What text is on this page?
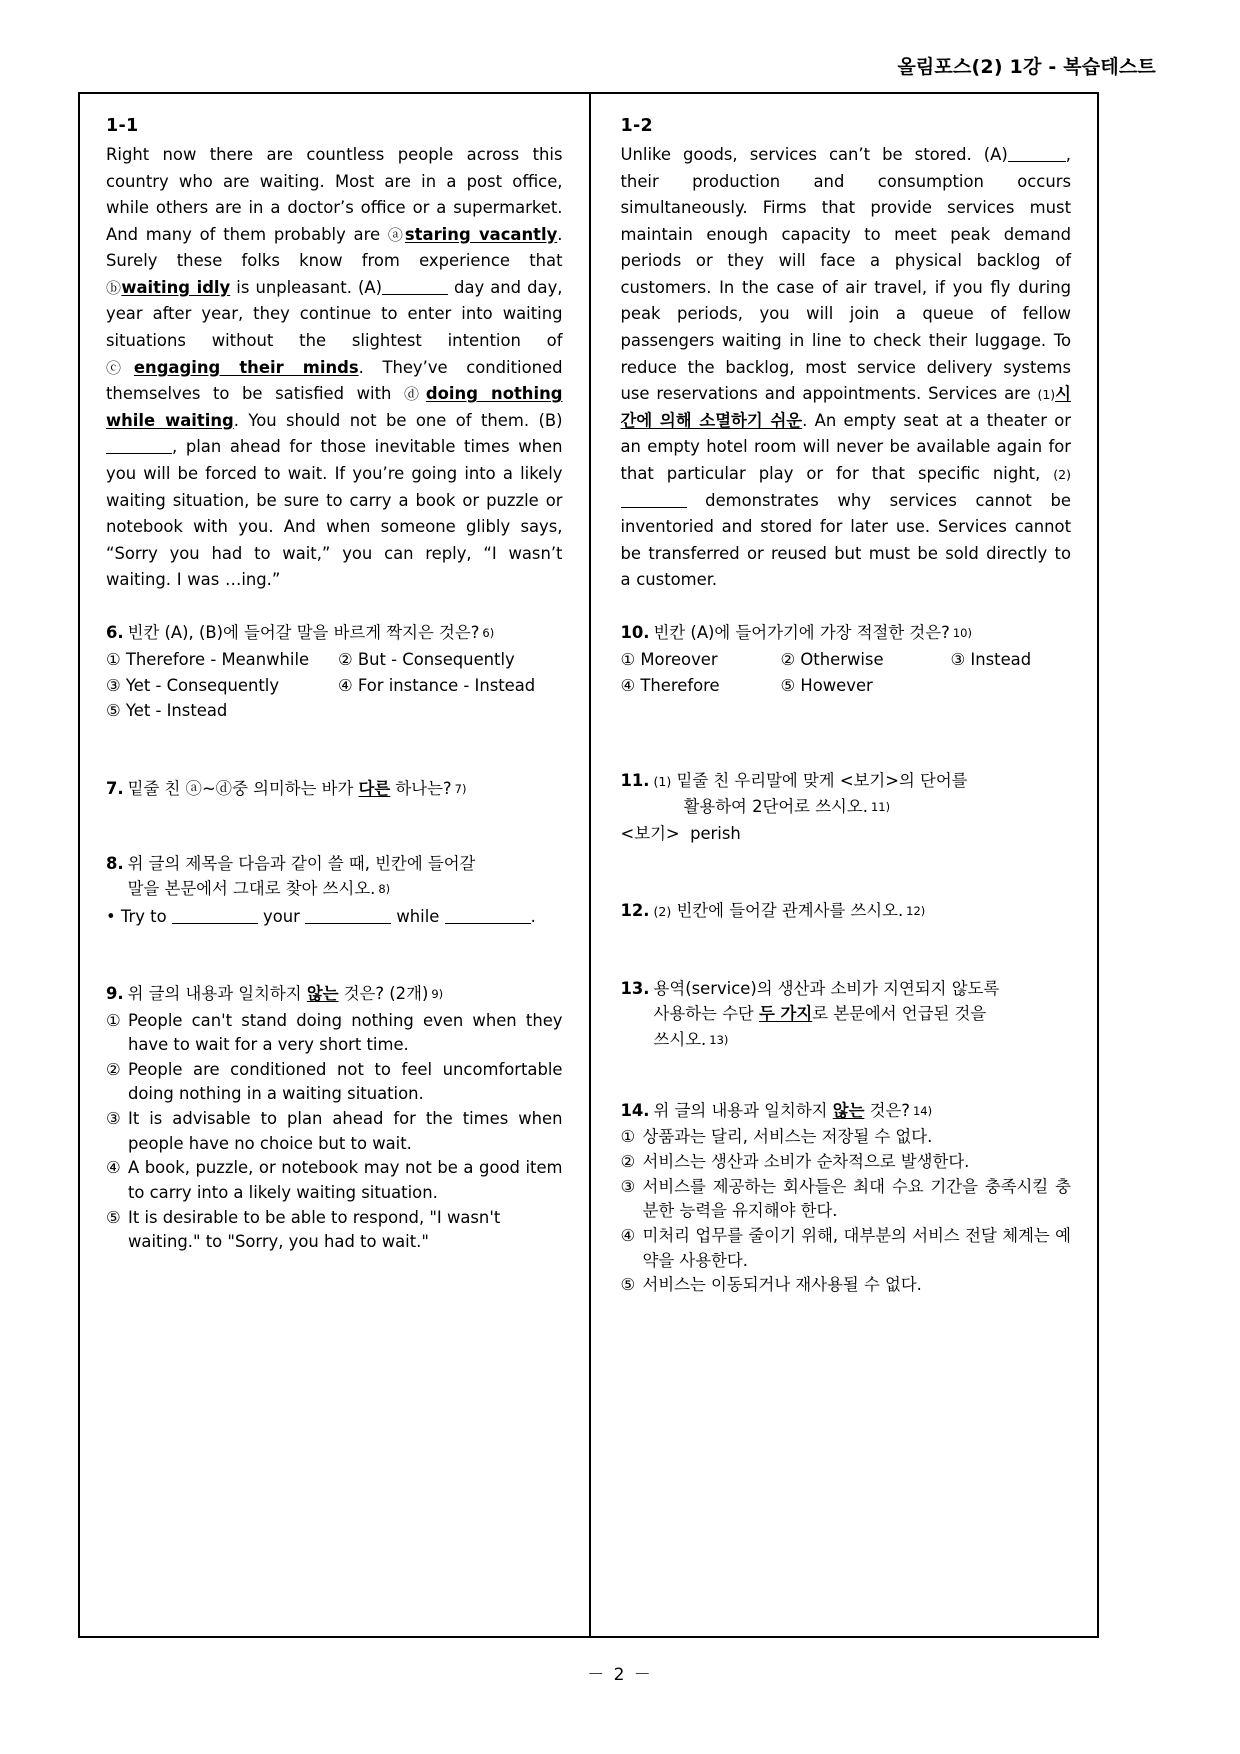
올림포스(2) 1강 - 복습테스트
1-1

Right now there are countless people across this country who are waiting. Most are in a post office, while others are in a doctor’s office or a supermarket. And many of them probably are ⓐstaring vacantly. Surely these folks know from experience that ⓑwaiting idly is unpleasant. (A)	day and day, year after year, they continue to enter into waiting situations without the slightest intention of ⓒengaging their minds. They’ve conditioned themselves to be satisfied with ⓓdoing nothing while waiting. You should not be one of them. (B), plan ahead for those inevitable times when you will be forced to wait. If you’re going into a likely waiting situation, be sure to carry a book or puzzle or notebook with you. And when someone glibly says, “Sorry you had to wait,” you can reply, “I wasn’t waiting. I was …ing.”

6. 빈칸 (A), (B)에 들어갈 말을 바르게 짝지은 것은? 6)
① Therefore - Meanwhile	② But - Consequently
③ Yet - Consequently	④ For instance - Instead
⑤ Yet - Instead
7. 밑줄 친 ⓐ~ⓓ중 의미하는 바가 다른 하나는? 7)
8. 위 글의 제목을 다음과 같이 쓸 때, 빈칸에 들어갈
말을 본문에서 그대로 찾아 쓰시오. 8)
• Try to	your	while	.
9. 위 글의 내용과 일치하지 않는 것은? (2개) 9)
① People can't stand doing nothing even when they have to wait for a very short time.
② People are conditioned not to feel uncomfortable doing nothing in a waiting situation.
③ It is advisable to plan ahead for the times when people have no choice but to wait.
④ A book, puzzle, or notebook may not be a good item to carry into a likely waiting situation.
⑤ It is desirable to be able to respond, "I wasn't waiting." to "Sorry, you had to wait."
1-2

Unlike goods, services can’t be stored. (A)	, their production and consumption occurs simultaneously. Firms that provide services must maintain enough capacity to meet peak demand periods or they will face a physical backlog of customers. In the case of air travel, if you fly during peak periods, you will join a queue of fellow passengers waiting in line to check their luggage. To reduce the backlog, most service delivery systems use reservations and appointments. Services are (1)시간에 의해 소멸하기 쉬운. An empty seat at a theater or an empty hotel room will never be available again for that particular play or for that specific night, (2) demonstrates why services cannot be inventoried and stored for later use. Services cannot be transferred or reused but must be sold directly to a customer.

10. 빈칸 (A)에 들어가기에 가장 적절한 것은? 10)
① Moreover	② Otherwise	③ Instead
④ Therefore	⑤ However
11. (1) 밑줄 친 우리말에 맞게 <보기>의 단어를
활용하여 2단어로 쓰시오. 11)
<보기> perish
12. (2) 빈칸에 들어갈 관계사를 쓰시오. 12)
13. 용역(service)의 생산과 소비가 지연되지 않도록
사용하는 수단 두 가지로 본문에서 언급된 것을
쓰시오. 13)
14. 위 글의 내용과 일치하지 않는 것은? 14)
① 상품과는 달리, 서비스는 저장될 수 없다.
② 서비스는 생산과 소비가 순차적으로 발생한다.
③ 서비스를 제공하는 회사들은 최대 수요 기간을 충족시킬 충분한 능력을 유지해야 한다.
④ 미처리 업무를 줄이기 위해, 대부분의 서비스 전달 체계는 예약을 사용한다.
⑤ 서비스는 이동되거나 재사용될 수 없다.
－ 2 －
